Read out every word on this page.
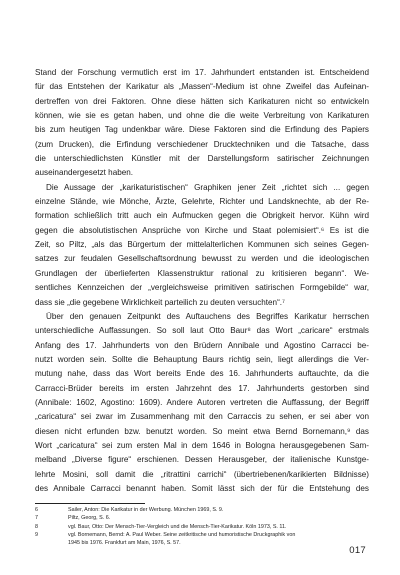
Stand der Forschung vermutlich erst im 17. Jahrhundert entstanden ist. Entscheidend
für das Entstehen der Karikatur als „Massen“-Medium ist ohne Zweifel das Aufeinan-
dertreffen von drei Faktoren. Ohne diese hätten sich Karikaturen nicht so entwickeln
können, wie sie es getan haben, und ohne die die weite Verbreitung von Karikaturen
bis zum heutigen Tag undenkbar wäre. Diese Faktoren sind die Erfindung des Papiers
(zum Drucken), die Erfindung verschiedener Drucktechniken und die Tatsache, dass
die unterschiedlichsten Künstler mit der Darstellungsform satirischer Zeichnungen
auseinandergesetzt haben.
Die Aussage der „karikaturistischen“ Graphiken jener Zeit „richtet sich ... gegen
einzelne Stände, wie Mönche, Ärzte, Gelehrte, Richter und Landsknechte, ab der Re-
formation schließlich tritt auch ein Aufmucken gegen die Obrigkeit hervor. Kühn wird
gegen die absolutistischen Ansprüche von Kirche und Staat polemisiert“.⁶ Es ist die
Zeit, so Piltz, „als das Bürgertum der mittelalterlichen Kommunen sich seines Gegen-
satzes zur feudalen Gesellschaftsordnung bewusst zu werden und die ideologischen
Grundlagen der überlieferten Klassenstruktur rational zu kritisieren begann“. We-
sentliches Kennzeichen der „vergleichsweise primitiven satirischen Formgebilde“ war,
dass sie „die gegebene Wirklichkeit parteilich zu deuten versuchten“.⁷
Über den genauen Zeitpunkt des Auftauchens des Begriffes Karikatur herrschen
unterschiedliche Auffassungen. So soll laut Otto Baur⁸ das Wort „caricare“ erstmals
Anfang des 17. Jahrhunderts von den Brüdern Annibale und Agostino Carracci be-
nutzt worden sein. Sollte die Behauptung Baurs richtig sein, liegt allerdings die Ver-
mutung nahe, dass das Wort bereits Ende des 16. Jahrhunderts auftauchte, da die
Carracci-Brüder bereits im ersten Jahrzehnt des 17. Jahrhunderts gestorben sind
(Annibale: 1602, Agostino: 1609). Andere Autoren vertreten die Auffassung, der Begriff
„caricatura“ sei zwar im Zusammenhang mit den Carraccis zu sehen, er sei aber von
diesen nicht erfunden bzw. benutzt worden. So meint etwa Bernd Bornemann,⁹ das
Wort „caricatura“ sei zum ersten Mal in dem 1646 in Bologna herausgegebenen Sam-
melband „Diverse figure“ erschienen. Dessen Herausgeber, der italienische Kunstge-
lehrte Mosini, soll damit die „ritrattini carrichi“ (übertriebenen/karikierten Bildnisse)
des Annibale Carracci benannt haben. Somit lässt sich der für die Entstehung des
6	Sailer, Anton: Die Karikatur in der Werbung. München 1969, S. 9.
7	Piltz, Georg, S. 6.
8	vgl. Baur, Otto: Der Mensch-Tier-Vergleich und die Mensch-Tier-Karikatur. Köln 1973, S. 11.
9	vgl. Bornemann, Bernd: A. Paul Weber. Seine zeitkritische und humoristische Druckgraphik von
1945 bis 1976. Frankfurt am Main, 1976, S. 57.
017
